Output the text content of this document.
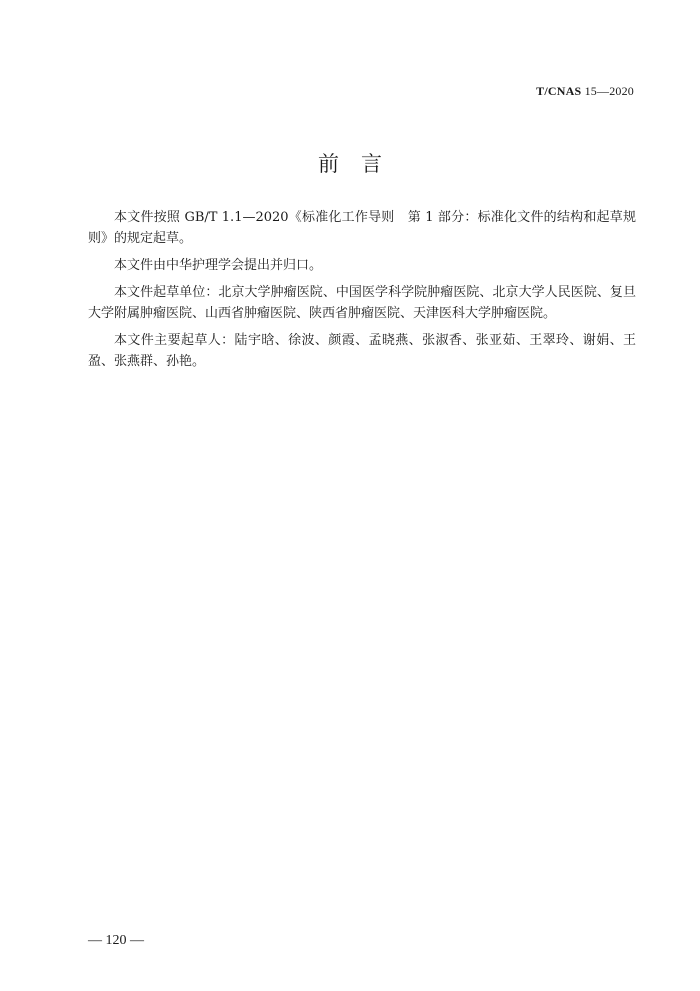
T/CNAS 15—2020
前 言

本文件按照 GB/T 1.1—2020《标准化工作导则　第 1 部分：标准化文件的结构和起草规则》的规定起草。

本文件由中华护理学会提出并归口。

本文件起草单位：北京大学肿瘤医院、中国医学科学院肿瘤医院、北京大学人民医院、复旦大学附属肿瘤医院、山西省肿瘤医院、陕西省肿瘤医院、天津医科大学肿瘤医院。

本文件主要起草人：陆宇晗、徐波、颜霞、孟晓燕、张淑香、张亚茹、王翠玲、谢娟、王盈、张燕群、孙艳。

— 120 —
